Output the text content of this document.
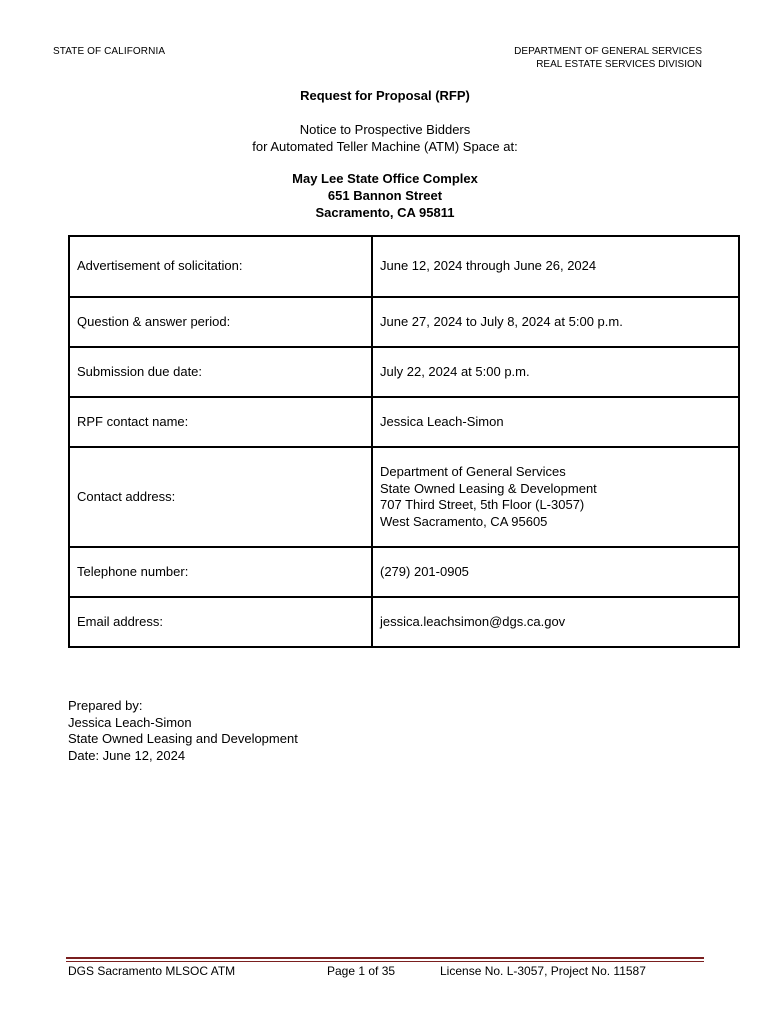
STATE OF CALIFORNIA	DEPARTMENT OF GENERAL SERVICES
REAL ESTATE SERVICES DIVISION
Request for Proposal (RFP)
Notice to Prospective Bidders
for Automated Teller Machine (ATM) Space at:
May Lee State Office Complex
651 Bannon Street
Sacramento, CA 95811
Advertisement of solicitation:	June 12, 2024 through June 26, 2024
Question & answer period:	June 27, 2024 to July 8, 2024 at 5:00 p.m.
Submission due date:	July 22, 2024 at 5:00 p.m.
RPF contact name:	Jessica Leach-Simon
Contact address:	Department of General Services
State Owned Leasing & Development
707 Third Street, 5th Floor (L-3057)
West Sacramento, CA 95605

Telephone number:	(279) 201-0905
Email address:	jessica.leachsimon@dgs.ca.gov
Prepared by:
Jessica Leach-Simon
State Owned Leasing and Development
Date: June 12, 2024
DGS Sacramento MLSOC ATM	Page 1 of 35	License No. L-3057, Project No. 11587
